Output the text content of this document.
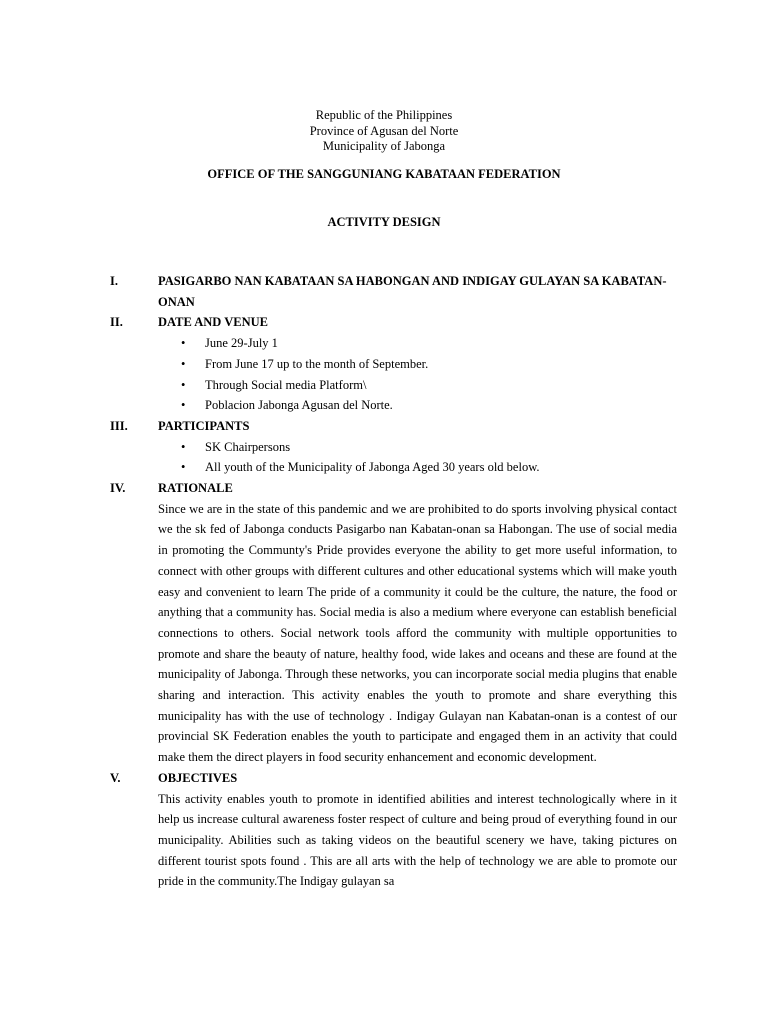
Republic of the Philippines
Province of Agusan del Norte
Municipality of Jabonga
OFFICE OF THE SANGGUNIANG KABATAAN FEDERATION
ACTIVITY DESIGN
I.	PASIGARBO NAN KABATAAN SA HABONGAN AND INDIGAY GULAYAN SA KABATAN-ONAN
II.	DATE AND VENUE
• June 29-July 1
• From June 17 up to the month of September.
• Through Social media Platform\
• Poblacion Jabonga Agusan del Norte.
III.	PARTICIPANTS
• SK Chairpersons
• All youth of the Municipality of Jabonga Aged 30 years old below.
IV.	RATIONALE

Since we are in the state of this pandemic and we are prohibited to do sports involving physical contact we the sk fed of Jabonga conducts Pasigarbo nan Kabatan-onan sa Habongan. The use of social media in promoting the Communty's Pride provides everyone the ability to get more useful information, to connect with other groups with different cultures and other educational systems which will make youth easy and convenient to learn The pride of a community it could be the culture, the nature, the food or anything that a community has. Social media is also a medium where everyone can establish beneficial connections to others. Social network tools afford the community with multiple opportunities to promote and share the beauty of nature, healthy food, wide lakes and oceans and these are found at the municipality of Jabonga. Through these networks, you can incorporate social media plugins that enable sharing and interaction. This activity enables the youth to promote and share everything this municipality has with the use of technology . Indigay Gulayan nan Kabatan-onan is a contest of our provincial SK Federation enables the youth to participate and engaged them in an activity that could make them the direct players in food security enhancement and economic development.

V.	OBJECTIVES

This activity enables youth to promote in identified abilities and interest technologically where in it help us increase cultural awareness foster respect of culture and being proud of everything found in our municipality. Abilities such as taking videos on the beautiful scenery we have, taking pictures on different tourist spots found . This are all arts with the help of technology we are able to promote our pride in the community.The Indigay gulayan sa
